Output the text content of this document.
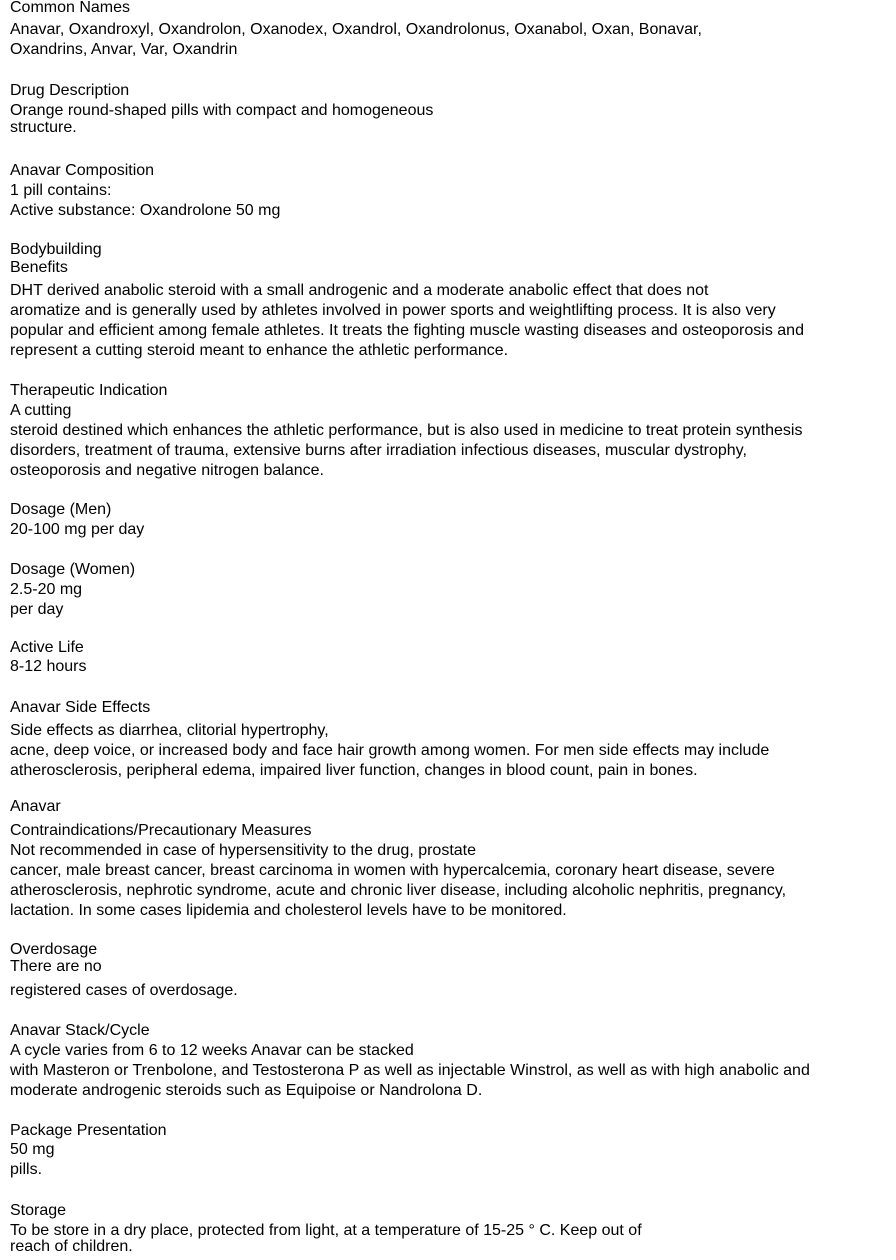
Common Names
Anavar, Oxandroxyl, Oxandrolon, Oxanodex, Oxandrol, Oxandrolonus, Oxanabol, Oxan, Bonavar,
Oxandrins, Anvar, Var, Oxandrin
Drug Description
Orange round-shaped pills with compact and homogeneous
structure.
Anavar Composition
1 pill contains:
Active substance: Oxandrolone 50 mg
Bodybuilding
Benefits
DHT derived anabolic steroid with a small androgenic and a moderate anabolic effect that does not
aromatize and is generally used by athletes involved in power sports and weightlifting process. It is also very
popular and efficient among female athletes. It treats the fighting muscle wasting diseases and osteoporosis and
represent a cutting steroid meant to enhance the athletic performance.
Therapeutic Indication
A cutting
steroid destined which enhances the athletic performance, but is also used in medicine to treat protein synthesis
disorders, treatment of trauma, extensive burns after irradiation infectious diseases, muscular dystrophy,
osteoporosis and negative nitrogen balance.
Dosage (Men)
20-100 mg per day
Dosage (Women)
2.5-20 mg
per day
Active Life
8-12 hours
Anavar Side Effects
Side effects as diarrhea, clitorial hypertrophy,
acne, deep voice, or increased body and face hair growth among women. For men side effects may include
atherosclerosis, peripheral edema, impaired liver function, changes in blood count, pain in bones.
Anavar
Contraindications/Precautionary Measures
Not recommended in case of hypersensitivity to the drug, prostate
cancer, male breast cancer, breast carcinoma in women with hypercalcemia, coronary heart disease, severe
atherosclerosis, nephrotic syndrome, acute and chronic liver disease, including alcoholic nephritis, pregnancy,
lactation. In some cases lipidemia and cholesterol levels have to be monitored.
Overdosage
There are no
registered cases of overdosage.
Anavar Stack/Cycle
A cycle varies from 6 to 12 weeks Anavar can be stacked
with Masteron or Trenbolone, and Testosterona P as well as injectable Winstrol, as well as with high anabolic and
moderate androgenic steroids such as Equipoise or Nandrolona D.
Package Presentation
50 mg
pills.
Storage
To be store in a dry place, protected from light, at a temperature of 15-25 ° C. Keep out of
reach of children.
